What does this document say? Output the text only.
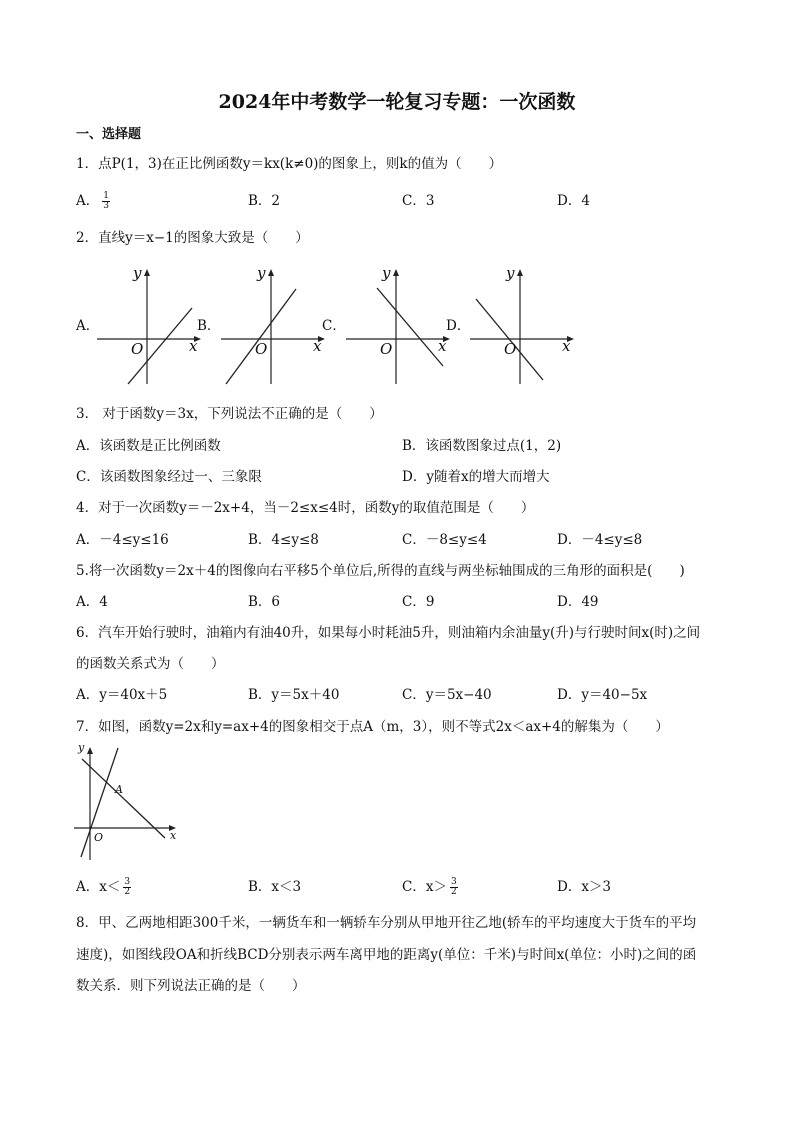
2024年中考数学一轮复习专题：一次函数
一、选择题
1．点P(1，3)在正比例函数y＝kx(k≠0)的图象上，则k的值为（　　）
A． $\frac{1}{3}$	B．2	C．3	D．4
2．直线y＝x−1的图象大致是（　　）
A．
y
x
O
B．
y
x
O
C．
y
x
O
D．
y
x
O
3． 对于函数y＝3x，下列说法不正确的是（　　）
A．该函数是正比例函数	B．该函数图象过点(1，2)
C．该函数图象经过一、三象限	D．y随着x的增大而增大
4．对于一次函数y＝－2x+4，当－2≤x≤4时，函数y的取值范围是（　　）
A．－4≤y≤16	B．4≤y≤8	C．－8≤y≤4	D．－4≤y≤8
5.将一次函数y＝2x＋4的图像向右平移5个单位后,所得的直线与两坐标轴围成的三角形的面积是(　　)
A．4	B．6	C．9	D．49
6．汽车开始行驶时，油箱内有油40升，如果每小时耗油5升，则油箱内余油量y(升)与行驶时间x(时)之间
的函数关系式为（　　）
A．y＝40x＋5	B．y＝5x＋40	C．y＝5x−40	D．y＝40−5x
7．如图，函数y=2x和y=ax+4的图象相交于点A（m，3），则不等式2x＜ax+4的解集为（　　）
y
x
O
A
A．$x< \frac{3}{2}$	B．x＜3	C．$x> \frac{3}{2}$	D．x＞3
8．甲、乙两地相距300千米，一辆货车和一辆轿车分别从甲地开往乙地(轿车的平均速度大于货车的平均
速度)，如图线段OA和折线BCD分别表示两车离甲地的距离y(单位：千米)与时间x(单位：小时)之间的函
数关系．则下列说法正确的是（　　）
